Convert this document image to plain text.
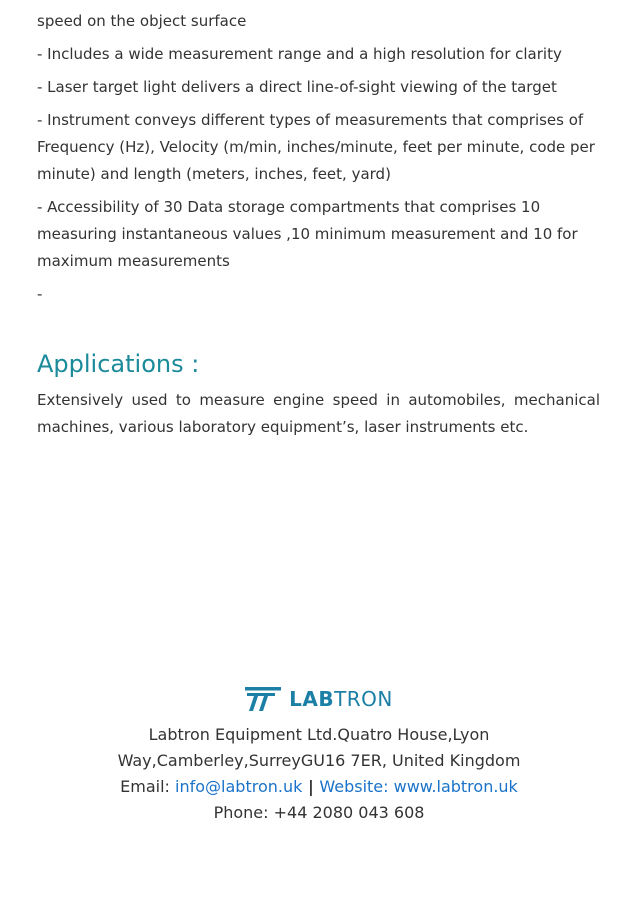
speed on the object surface

- Includes a wide measurement range and a high resolution for clarity

- Laser target light delivers a direct line-of-sight viewing of the target

- Instrument conveys different types of measurements that comprises of Frequency (Hz), Velocity (m/min, inches/minute, feet per minute, code per minute) and length (meters, inches, feet, yard)

- Accessibility of 30 Data storage compartments that comprises 10 measuring instantaneous values ,10 minimum measurement and 10 for maximum measurements

-

Applications :

Extensively used to measure engine speed in automobiles, mechanical machines, various laboratory equipment’s, laser instruments etc.

LABTRON
Labtron Equipment Ltd.Quatro House,Lyon
Way,Camberley,SurreyGU16 7ER, United Kingdom
Email: info@labtron.uk | Website: www.labtron.uk
Phone: +44 2080 043 608
